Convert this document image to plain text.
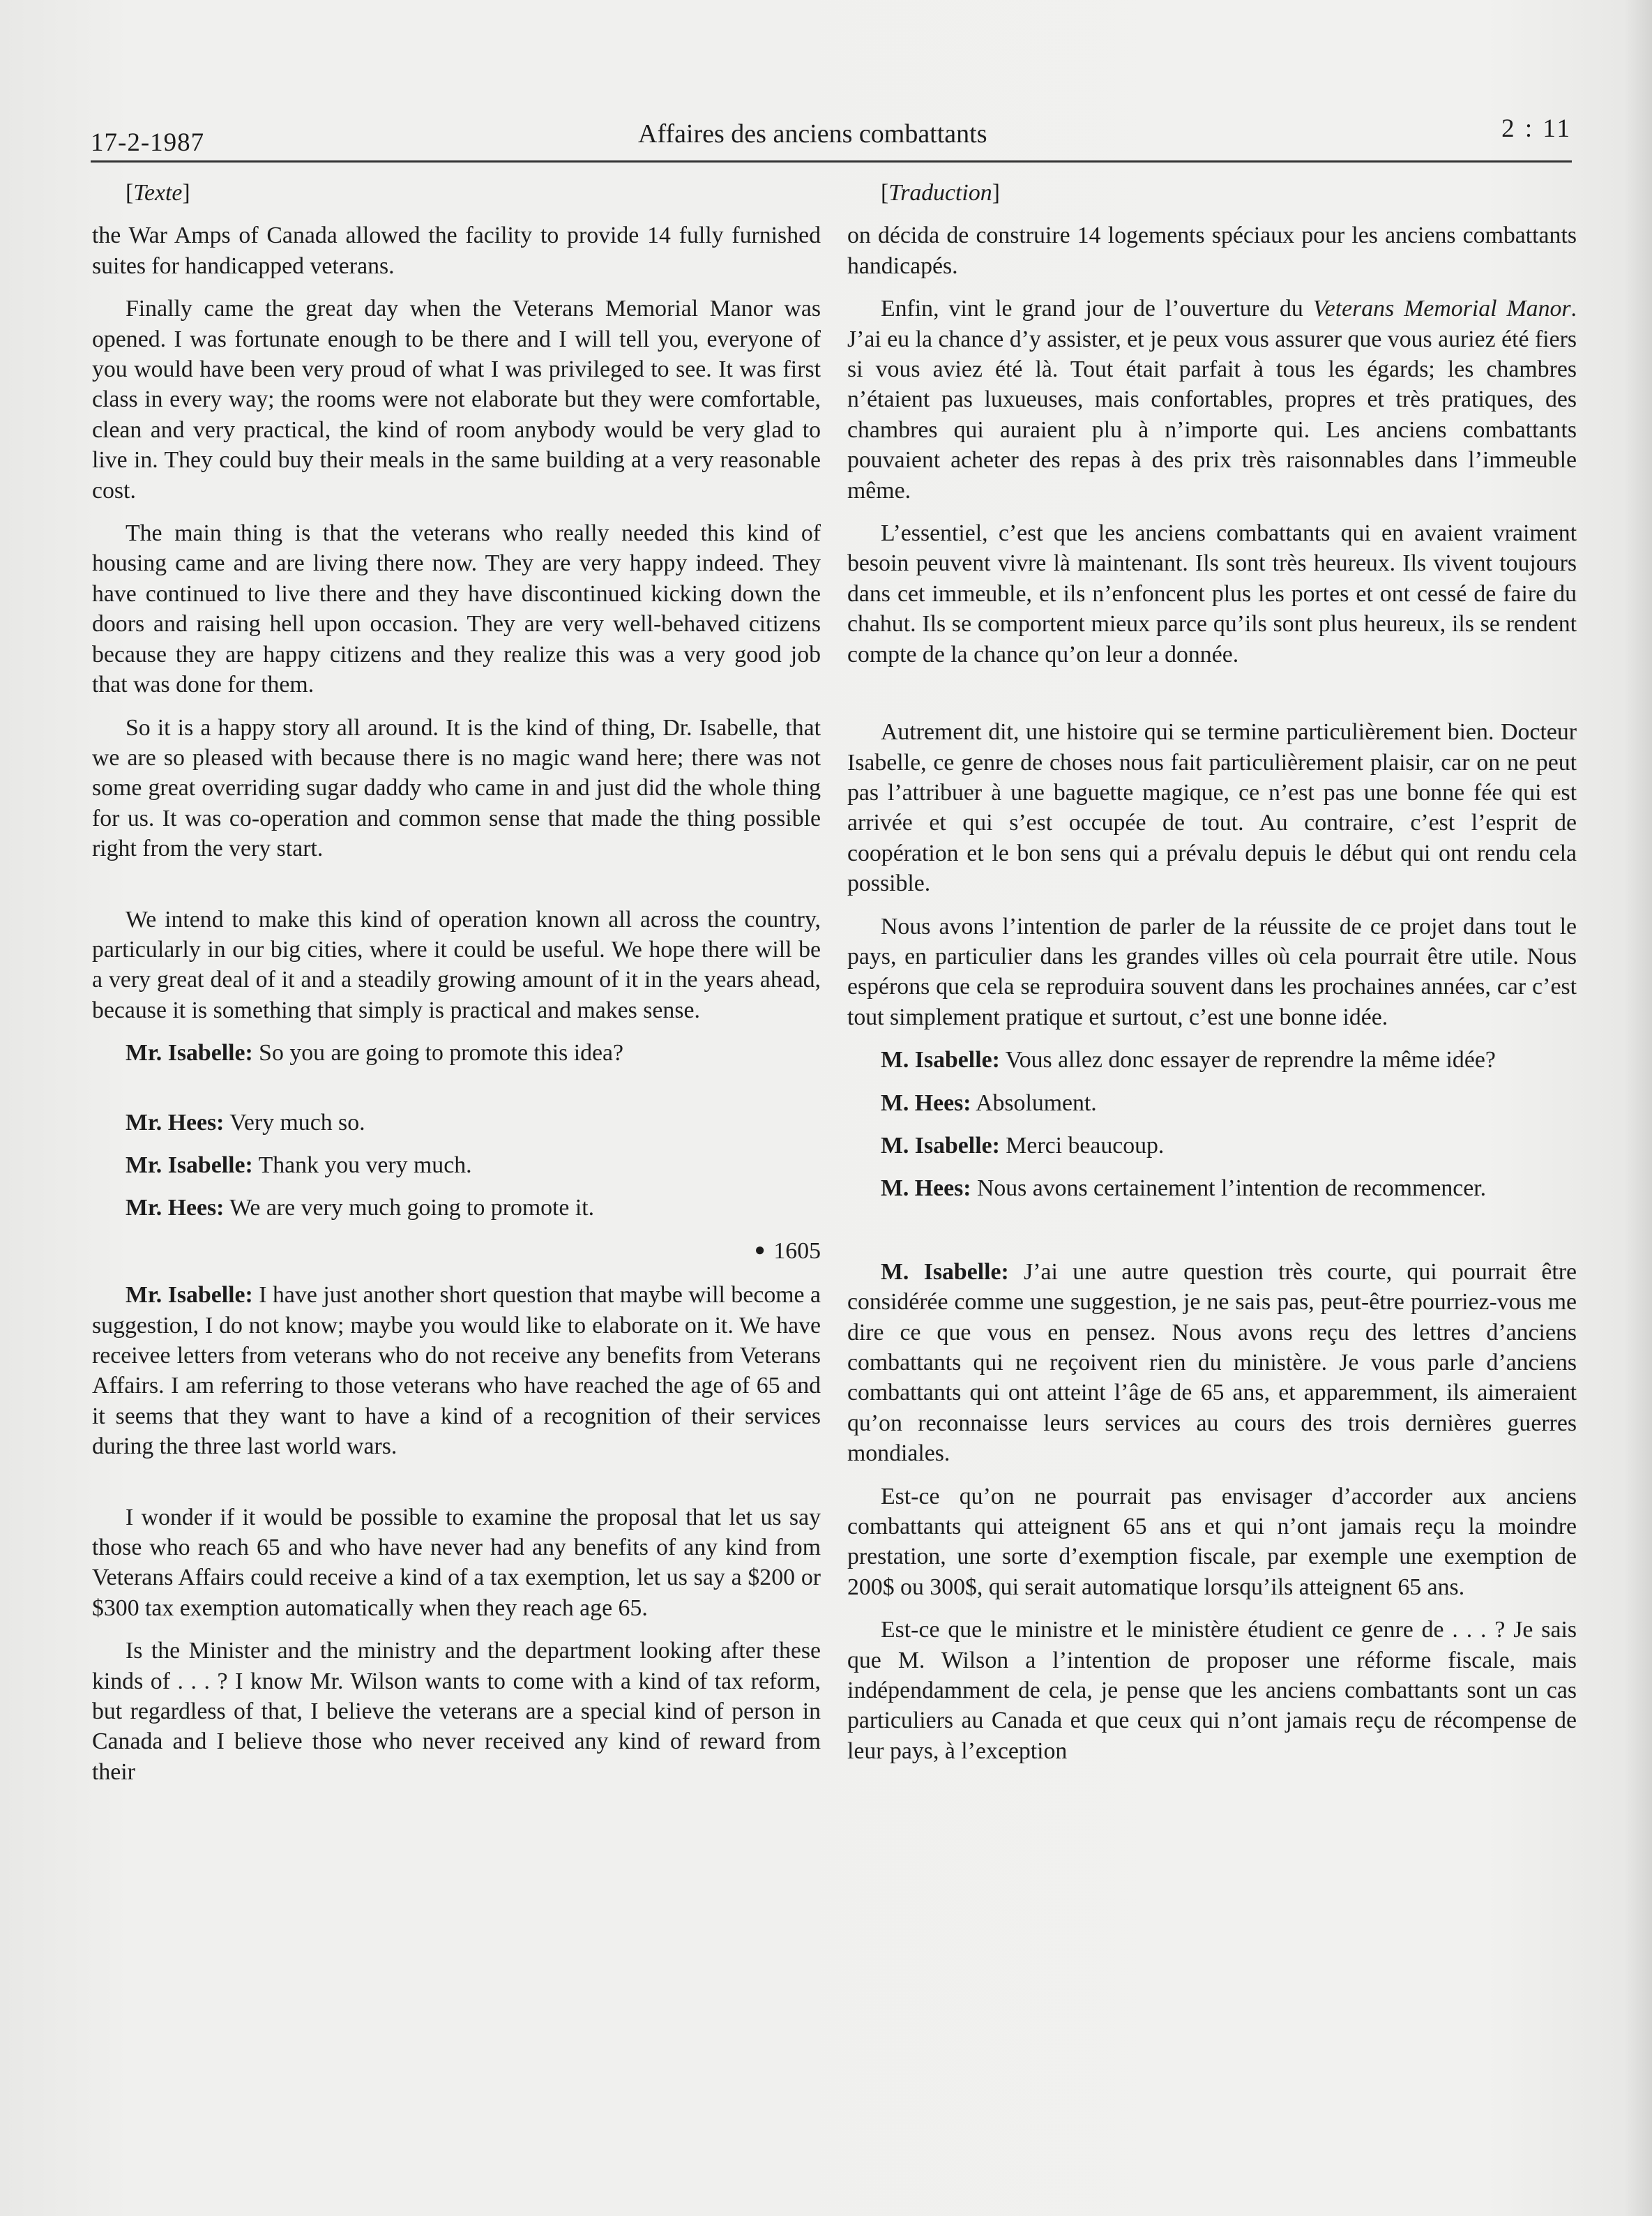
17-2-1987	Affaires des anciens combattants	2 : 11

[Texte]

the War Amps of Canada allowed the facility to provide 14 fully furnished suites for handicapped veterans.

Finally came the great day when the Veterans Memorial Manor was opened. I was fortunate enough to be there and I will tell you, everyone of you would have been very proud of what I was privileged to see. It was first class in every way; the rooms were not elaborate but they were comfortable, clean and very practical, the kind of room anybody would be very glad to live in. They could buy their meals in the same building at a very reasonable cost.

The main thing is that the veterans who really needed this kind of housing came and are living there now. They are very happy indeed. They have continued to live there and they have discontinued kicking down the doors and raising hell upon occasion. They are very well-behaved citizens because they are happy citizens and they realize this was a very good job that was done for them.

So it is a happy story all around. It is the kind of thing, Dr. Isabelle, that we are so pleased with because there is no magic wand here; there was not some great overriding sugar daddy who came in and just did the whole thing for us. It was co-operation and common sense that made the thing possible right from the very start.

We intend to make this kind of operation known all across the country, particularly in our big cities, where it could be useful. We hope there will be a very great deal of it and a steadily growing amount of it in the years ahead, because it is something that simply is practical and makes sense.

Mr. Isabelle: So you are going to promote this idea?

Mr. Hees: Very much so.

Mr. Isabelle: Thank you very much.

Mr. Hees: We are very much going to promote it.

● 1605

Mr. Isabelle: I have just another short question that maybe will become a suggestion, I do not know; maybe you would like to elaborate on it. We have receivee letters from veterans who do not receive any benefits from Veterans Affairs. I am referring to those veterans who have reached the age of 65 and it seems that they want to have a kind of a recognition of their services during the three last world wars.

I wonder if it would be possible to examine the proposal that let us say those who reach 65 and who have never had any benefits of any kind from Veterans Affairs could receive a kind of a tax exemption, let us say a $200 or $300 tax exemption automatically when they reach age 65.

Is the Minister and the ministry and the department looking after these kinds of . . . ? I know Mr. Wilson wants to come with a kind of tax reform, but regardless of that, I believe the veterans are a special kind of person in Canada and I believe those who never received any kind of reward from their

[Traduction]

on décida de construire 14 logements spéciaux pour les anciens combattants handicapés.

Enfin, vint le grand jour de l’ouverture du Veterans Memorial Manor. J’ai eu la chance d’y assister, et je peux vous assurer que vous auriez été fiers si vous aviez été là. Tout était parfait à tous les égards; les chambres n’étaient pas luxueuses, mais confortables, propres et très pratiques, des chambres qui auraient plu à n’importe qui. Les anciens combattants pouvaient acheter des repas à des prix très raisonnables dans l’immeuble même.

L’essentiel, c’est que les anciens combattants qui en avaient vraiment besoin peuvent vivre là maintenant. Ils sont très heureux. Ils vivent toujours dans cet immeuble, et ils n’enfoncent plus les portes et ont cessé de faire du chahut. Ils se comportent mieux parce qu’ils sont plus heureux, ils se rendent compte de la chance qu’on leur a donnée.

Autrement dit, une histoire qui se termine particulièrement bien. Docteur Isabelle, ce genre de choses nous fait particulièrement plaisir, car on ne peut pas l’attribuer à une baguette magique, ce n’est pas une bonne fée qui est arrivée et qui s’est occupée de tout. Au contraire, c’est l’esprit de coopération et le bon sens qui a prévalu depuis le début qui ont rendu cela possible.

Nous avons l’intention de parler de la réussite de ce projet dans tout le pays, en particulier dans les grandes villes où cela pourrait être utile. Nous espérons que cela se reproduira souvent dans les prochaines années, car c’est tout simplement pratique et surtout, c’est une bonne idée.

M. Isabelle: Vous allez donc essayer de reprendre la même idée?

M. Hees: Absolument.

M. Isabelle: Merci beaucoup.

M. Hees: Nous avons certainement l’intention de recommencer.

M. Isabelle: J’ai une autre question très courte, qui pourrait être considérée comme une suggestion, je ne sais pas, peut-être pourriez-vous me dire ce que vous en pensez. Nous avons reçu des lettres d’anciens combattants qui ne reçoivent rien du ministère. Je vous parle d’anciens combattants qui ont atteint l’âge de 65 ans, et apparemment, ils aimeraient qu’on reconnaisse leurs services au cours des trois dernières guerres mondiales.

Est-ce qu’on ne pourrait pas envisager d’accorder aux anciens combattants qui atteignent 65 ans et qui n’ont jamais reçu la moindre prestation, une sorte d’exemption fiscale, par exemple une exemption de 200$ ou 300$, qui serait automatique lorsqu’ils atteignent 65 ans.

Est-ce que le ministre et le ministère étudient ce genre de . . . ? Je sais que M. Wilson a l’intention de proposer une réforme fiscale, mais indépendamment de cela, je pense que les anciens combattants sont un cas particuliers au Canada et que ceux qui n’ont jamais reçu de récompense de leur pays, à l’exception
